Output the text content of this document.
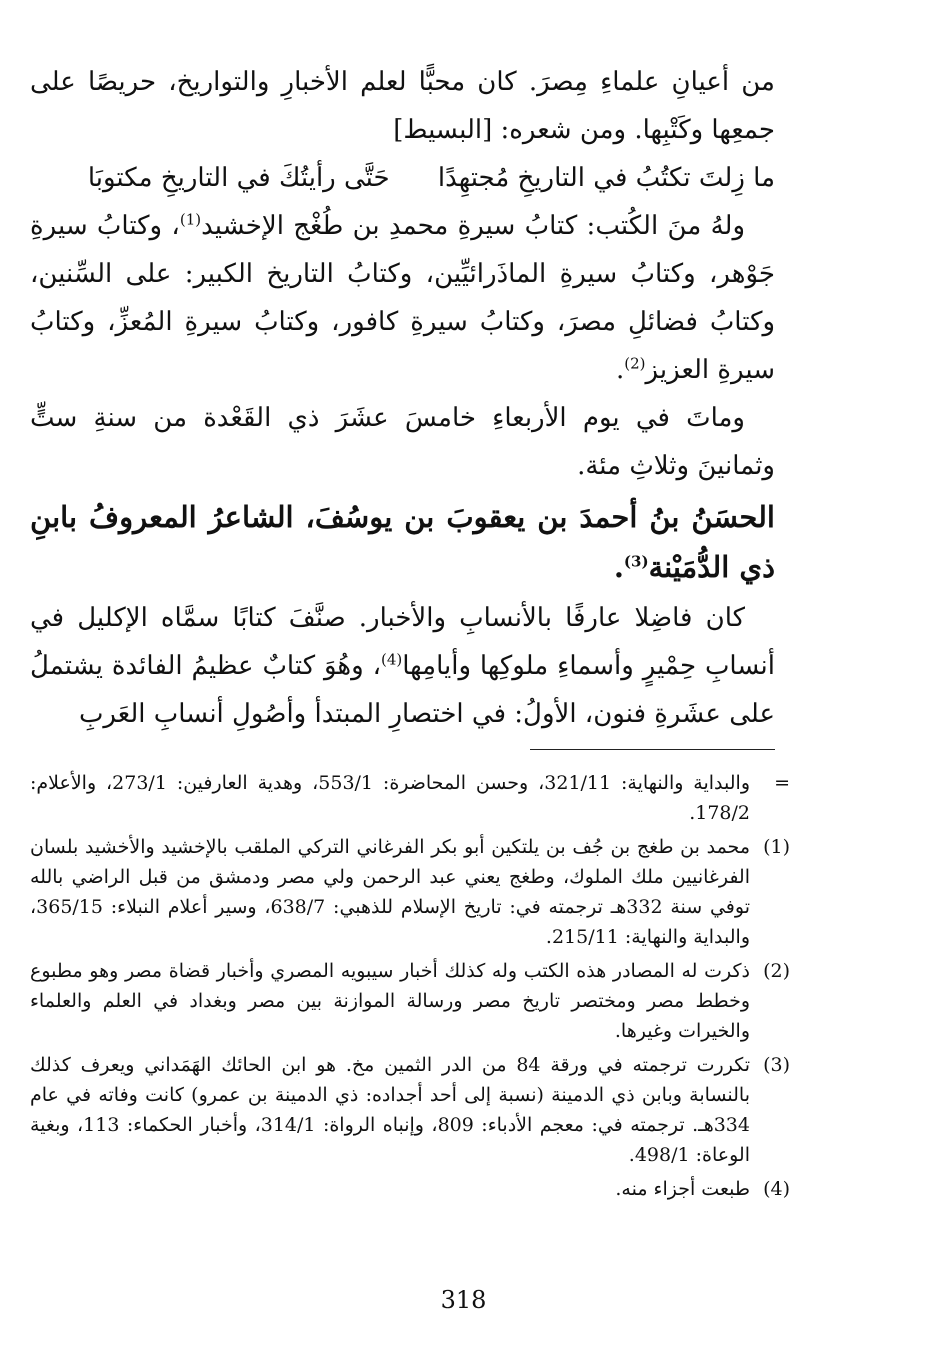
من أعيانِ علماءِ مِصرَ. كان محبًّا لعلم الأخبارِ والتواريخ، حريصًا على جمعِها وكَتْبِها. ومن شعره: [البسيط]

ما زِلتَ تكتُبُ في التاريخِ مُجتهِدًا حَتَّى رأيتُكَ في التاريخِ مكتوبَا

ولهُ منَ الكُتب: كتابُ سيرةِ محمدِ بن طُغْج الإخشيد$^{(1)}$، وكتابُ سيرةِ جَوْهر، وكتابُ سيرةِ الماذَرائيِّين، وكتابُ التاريخ الكبير: على السِّنين، وكتابُ فضائلِ مصرَ، وكتابُ سيرةِ كافور، وكتابُ سيرةِ المُعزِّ، وكتابُ سيرةِ العزيز$^{(2)}$.

وماتَ في يوم الأربعاءِ خامسَ عشَرَ ذي القَعْدة من سنةِ ستٍّ وثمانينَ وثلاثِ مئة.

الحسَنُ بنُ أحمدَ بن يعقوبَ بن يوسُفَ، الشاعرُ المعروفُ بابنِ ذي الدُّمَيْنة$^{(3)}$.

كان فاضِلا عارفًا بالأنسابِ والأخبار. صنَّفَ كتابًا سمَّاه الإكليل في أنسابِ حِمْيرٍ وأسماءِ ملوكِها وأيامِها$^{(4)}$، وهُوَ كتابٌ عظيمُ الفائدة يشتملُ على عشَرةِ فنون، الأولُ: في اختصارِ المبتدأ وأصُولِ أنسابِ العَربِ

=
والبداية والنهاية: 321/11، وحسن المحاضرة: 553/1، وهدية العارفين: 273/1، والأعلام: 178/2.
(1)
محمد بن طغج بن جُف بن يلتكين أبو بكر الفرغاني التركي الملقب بالإخشيد والأخشيد بلسان الفرغانيين ملك الملوك، وطغج يعني عبد الرحمن ولي مصر ودمشق من قبل الراضي بالله توفي سنة 332هـ ترجمته في: تاريخ الإسلام للذهبي: 638/7، وسير أعلام النبلاء: 365/15، والبداية والنهاية: 215/11.
(2)
ذكرت له المصادر هذه الكتب وله كذلك أخبار سيبويه المصري وأخبار قضاة مصر وهو مطبوع وخطط مصر ومختصر تاريخ مصر ورسالة الموازنة بين مصر وبغداد في العلم والعلماء والخيرات وغيرها.
(3)
تكررت ترجمته في ورقة 84 من الدر الثمين مخ. هو ابن الحائك الهَمَداني ويعرف كذلك بالنسابة وبابن ذي الدمينة (نسبة إلى أحد أجداده: ذي الدمينة بن عمرو) كانت وفاته في عام 334هـ. ترجمته في: معجم الأدباء: 809، وإنباه الرواة: 314/1، وأخبار الحكماء: 113، وبغية الوعاة: 498/1.
(4)
طبعت أجزاء منه.
318
